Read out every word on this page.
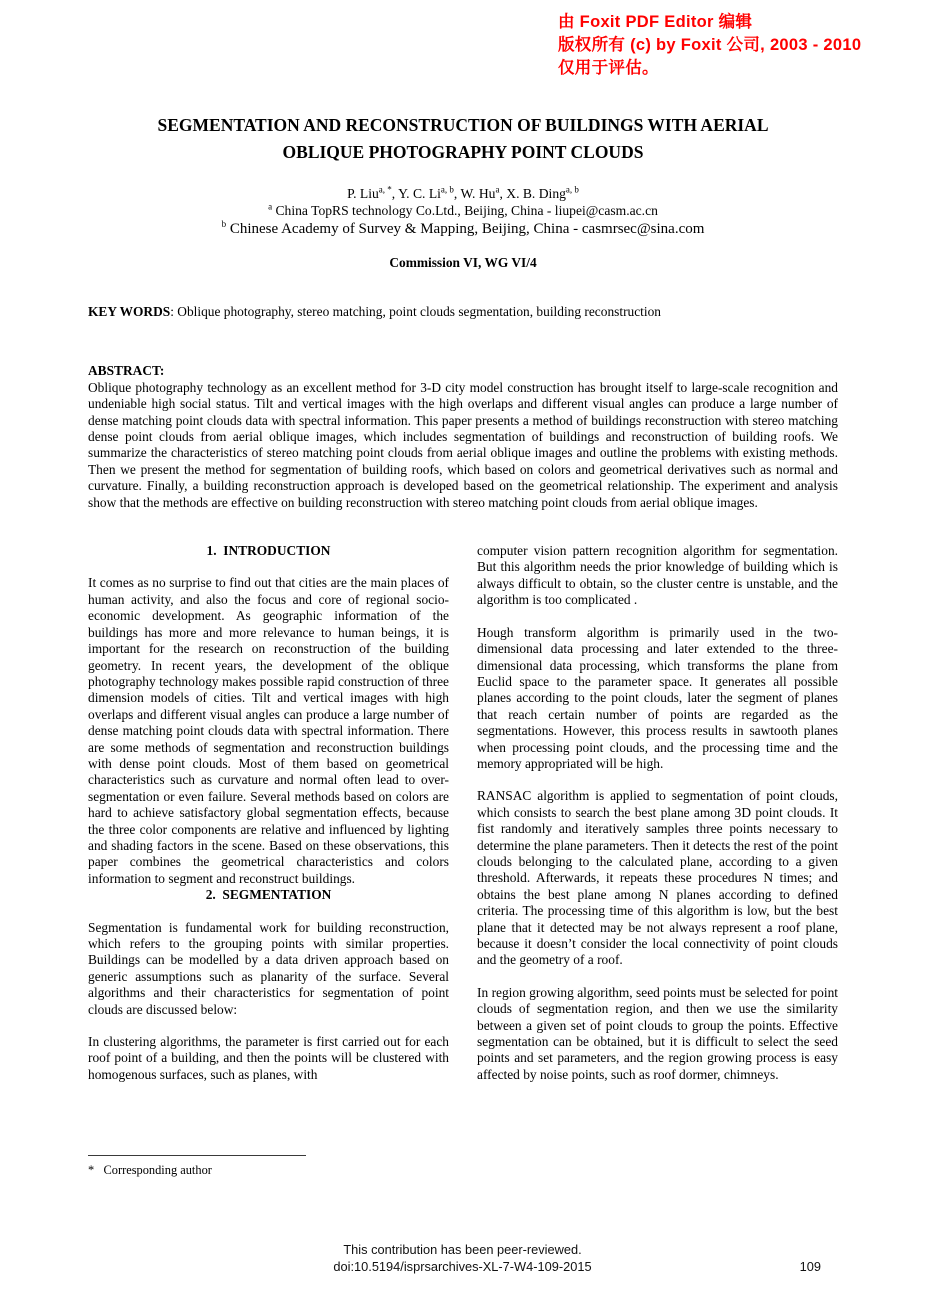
由 Foxit PDF Editor 编辑
版权所有 (c) by Foxit 公司, 2003 - 2010
仅用于评估。
SEGMENTATION AND RECONSTRUCTION OF BUILDINGS WITH AERIAL
OBLIQUE PHOTOGRAPHY POINT CLOUDS
P. Liu$^{a, *}$, Y. C. Li$^{a, b}$, W. Hu$^a$, X. B. Ding$^{a, b}$
$^a$ China TopRS technology Co.Ltd., Beijing, China - liupei@casm.ac.cn
$^b$ Chinese Academy of Survey & Mapping, Beijing, China - casmrsec@sina.com
Commission VI, WG VI/4
KEY WORDS: Oblique photography, stereo matching, point clouds segmentation, building reconstruction
ABSTRACT:

Oblique photography technology as an excellent method for 3-D city model construction has brought itself to large-scale recognition and undeniable high social status. Tilt and vertical images with the high overlaps and different visual angles can produce a large number of dense matching point clouds data with spectral information. This paper presents a method of buildings reconstruction with stereo matching dense point clouds from aerial oblique images, which includes segmentation of buildings and reconstruction of building roofs. We summarize the characteristics of stereo matching point clouds from aerial oblique images and outline the problems with existing methods. Then we present the method for segmentation of building roofs, which based on colors and geometrical derivatives such as normal and curvature. Finally, a building reconstruction approach is developed based on the geometrical relationship. The experiment and analysis show that the methods are effective on building reconstruction with stereo matching point clouds from aerial oblique images.

1.  INTRODUCTION

It comes as no surprise to find out that cities are the main places of human activity, and also the focus and core of regional socio-economic development. As geographic information of the buildings has more and more relevance to human beings, it is important for the research on reconstruction of the building geometry. In recent years, the development of the oblique photography technology makes possible rapid construction of three dimension models of cities. Tilt and vertical images with high overlaps and different visual angles can produce a large number of dense matching point clouds data with spectral information. There are some methods of segmentation and reconstruction buildings with dense point clouds. Most of them based on geometrical characteristics such as curvature and normal often lead to over-segmentation or even failure. Several methods based on colors are hard to achieve satisfactory global segmentation effects, because the three color components are relative and influenced by lighting and shading factors in the scene. Based on these observations, this paper combines the geometrical characteristics and colors information to segment and reconstruct buildings.

2.  SEGMENTATION

Segmentation is fundamental work for building reconstruction, which refers to the grouping points with similar properties. Buildings can be modelled by a data driven approach based on generic assumptions such as planarity of the surface. Several algorithms and their characteristics for segmentation of point clouds are discussed below:

In clustering algorithms, the parameter is first carried out for each roof point of a building, and then the points will be clustered with homogenous surfaces, such as planes, with

computer vision pattern recognition algorithm for segmentation. But this algorithm needs the prior knowledge of building which is always difficult to obtain, so the cluster centre is unstable, and the algorithm is too complicated .

Hough transform algorithm is primarily used in the two-dimensional data processing and later extended to the three-dimensional data processing, which transforms the plane from Euclid space to the parameter space. It generates all possible planes according to the point clouds, later the segment of planes that reach certain number of points are regarded as the segmentations. However, this process results in sawtooth planes when processing point clouds, and the processing time and the memory appropriated will be high.

RANSAC algorithm is applied to segmentation of point clouds, which consists to search the best plane among 3D point clouds. It fist randomly and iteratively samples three points necessary to determine the plane parameters. Then it detects the rest of the point clouds belonging to the calculated plane, according to a given threshold. Afterwards, it repeats these procedures N times; and obtains the best plane among N planes according to defined criteria. The processing time of this algorithm is low, but the best plane that it detected may be not always represent a roof plane, because it doesn’t consider the local connectivity of point clouds and the geometry of a roof.

In region growing algorithm, seed points must be selected for point clouds of segmentation region, and then we use the similarity between a given set of point clouds to group the points. Effective segmentation can be obtained, but it is difficult to select the seed points and set parameters, and the region growing process is easy affected by noise points, such as roof dormer, chimneys.

*   Corresponding author
This contribution has been peer-reviewed.
doi:10.5194/isprsarchives-XL-7-W4-109-2015	109
